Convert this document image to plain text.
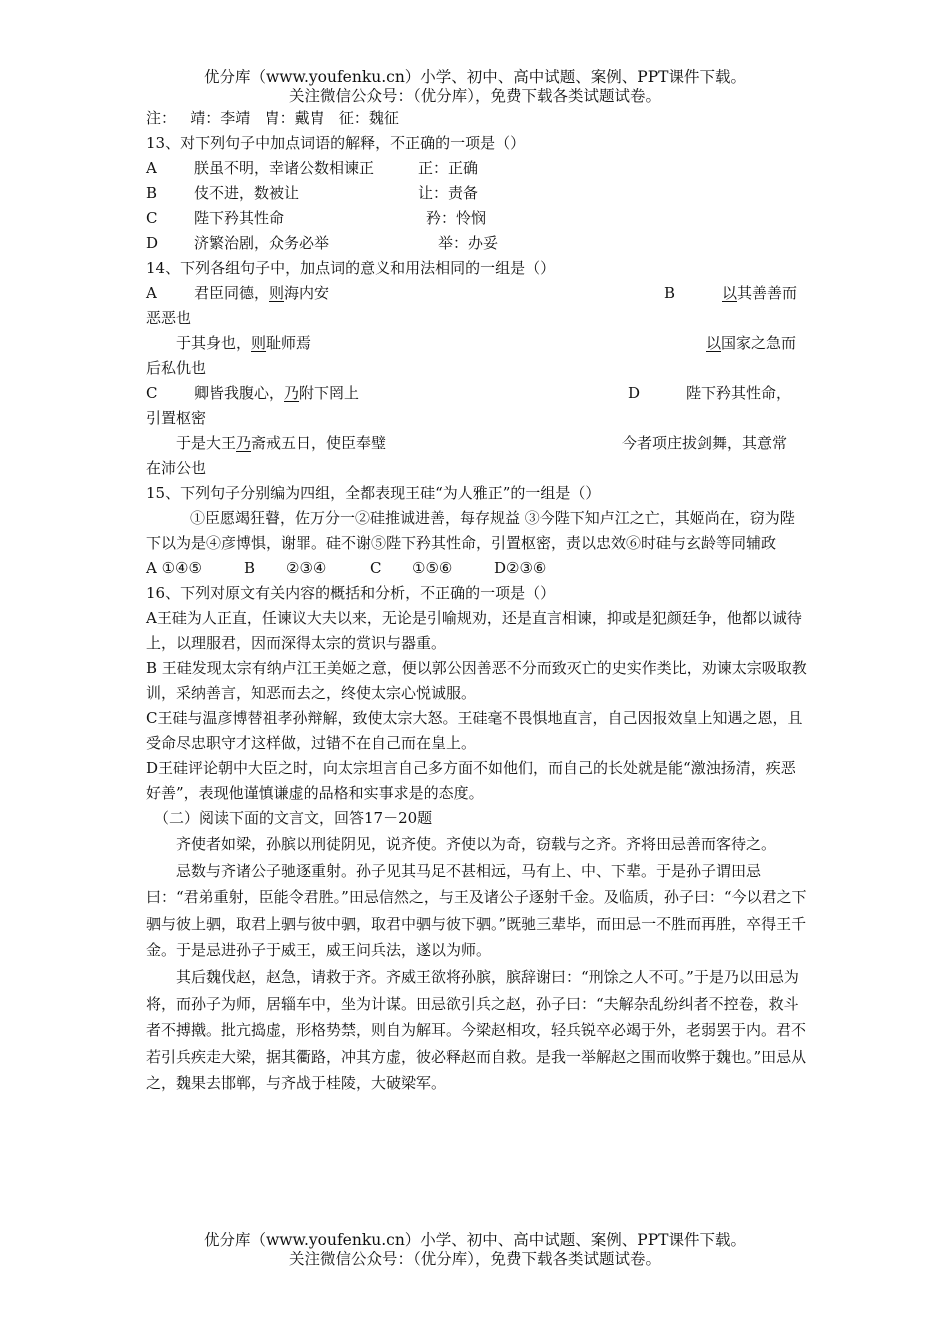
优分库（www.youfenku.cn）小学、初中、高中试题、案例、PPT课件下载。
关注微信公众号：（优分库），免费下载各类试题试卷。
注：   靖：李靖   胄：戴胄   征：魏征
13、对下列句子中加点词语的解释，不正确的一项是（）
A 朕虽不明，幸诸公数相谏正	正：正确
B 伎不进，数被让	让：责备
C 陛下矜其性命	矜：怜悯
D 济繁治剧，众务必举	举：办妥
14、下列各组句子中，加点词的意义和用法相同的一组是（）
A 君臣同德，则海内安	B	以其善善而
恶恶也
于其身也，则耻师焉	以国家之急而
后私仇也
C 卿皆我腹心，乃附下罔上	D	陛下矜其性命，
引置枢密
于是大王乃斋戒五日，使臣奉璧	今者项庄拔剑舞，其意常
在沛公也
15、下列句子分别编为四组，全都表现王硅“为人雅正”的一组是（）
①臣愿竭狂瞽，佐万分一②硅推诚进善，每存规益 ③今陛下知卢江之亡，其姬尚在，窃为陛下以为是④彦博惧，谢罪。硅不谢⑤陛下矜其性命，引置枢密，责以忠效⑥时硅与玄龄等同辅政
A ①④⑤	B ②③④	C ①⑤⑥	D②③⑥
16、下列对原文有关内容的概括和分析，不正确的一项是（）
A王硅为人正直，任谏议大夫以来，无论是引喻规劝，还是直言相谏，抑或是犯颜廷争，他都以诚待上，以理服君，因而深得太宗的赏识与器重。
B 王硅发现太宗有纳卢江王美姬之意，便以郭公因善恶不分而致灭亡的史实作类比，劝谏太宗吸取教训，采纳善言，知恶而去之，终使太宗心悦诚服。
C王硅与温彦博替祖孝孙辩解，致使太宗大怒。王硅毫不畏惧地直言，自己因报效皇上知遇之恩，且受命尽忠职守才这样做，过错不在自己而在皇上。
D王硅评论朝中大臣之时，向太宗坦言自己多方面不如他们，而自己的长处就是能“激浊扬清，疾恶好善”，表现他谨慎谦虚的品格和实事求是的态度。
（二）阅读下面的文言文，回答17－20题
齐使者如梁，孙膑以刑徒阴见，说齐使。齐使以为奇，窃载与之齐。齐将田忌善而客待之。
忌数与齐诸公子驰逐重射。孙子见其马足不甚相远，马有上、中、下辈。于是孙子谓田忌曰：“君弟重射，臣能令君胜。”田忌信然之，与王及诸公子逐射千金。及临质，孙子曰：“今以君之下驷与彼上驷，取君上驷与彼中驷，取君中驷与彼下驷。”既驰三辈毕，而田忌一不胜而再胜，卒得王千金。于是忌进孙子于威王，威王问兵法，遂以为师。
其后魏伐赵，赵急，请救于齐。齐威王欲将孙膑，膑辞谢曰：“刑馀之人不可。”于是乃以田忌为将，而孙子为师，居辎车中，坐为计谋。田忌欲引兵之赵，孙子曰：“夫解杂乱纷纠者不控卷，救斗者不搏撠。批亢捣虚，形格势禁，则自为解耳。今梁赵相攻，轻兵锐卒必竭于外，老弱罢于内。君不若引兵疾走大梁，据其衢路，冲其方虚，彼必释赵而自救。是我一举解赵之围而收弊于魏也。”田忌从之，魏果去邯郸，与齐战于桂陵，大破梁军。
优分库（www.youfenku.cn）小学、初中、高中试题、案例、PPT课件下载。
关注微信公众号：（优分库），免费下载各类试题试卷。
